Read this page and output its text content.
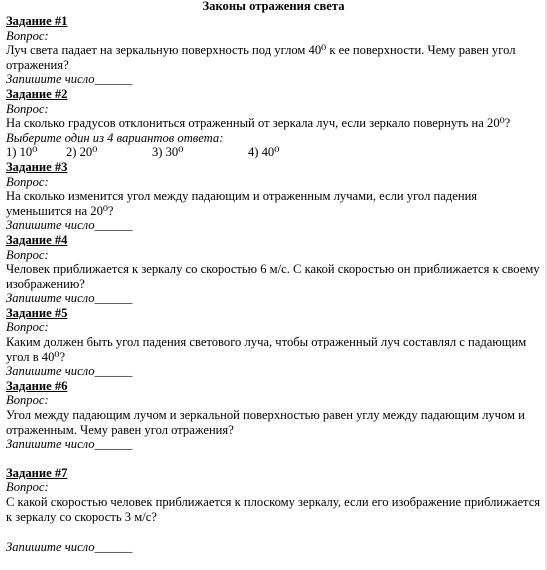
Законы отражения света
Задание #1
Вопрос:
Луч света падает на зеркальную поверхность под углом 40⁰ к ее поверхности. Чему равен угол отражения?
Запишите число______
Задание #2
Вопрос:
На сколько градусов отклониться отраженный от зеркала луч, если зеркало повернуть на 20⁰?
Выберите один из 4 вариантов ответа:
1) 10⁰	2) 20⁰	3) 30⁰	4) 40⁰
Задание #3
Вопрос:
На сколько изменится угол между падающим и отраженным лучами, если угол падения уменьшится на 20⁰?
Запишите число______
Задание #4
Вопрос:
Человек приближается к зеркалу со скоростью 6 м/с. С какой скоростью он приближается к своему изображению?
Запишите число______
Задание #5
Вопрос:
Каким должен быть угол падения светового луча, чтобы отраженный луч составлял с падающим угол в 40⁰?
Запишите число______
Задание #6
Вопрос:
Угол между падающим лучом и зеркальной поверхностью равен углу между падающим лучом и отраженным. Чему равен угол отражения?
Запишите число______
Задание #7
Вопрос:
С какой скоростью человек приближается к плоскому зеркалу, если его изображение приближается к зеркалу со скорость 3 м/с?
Запишите число______
